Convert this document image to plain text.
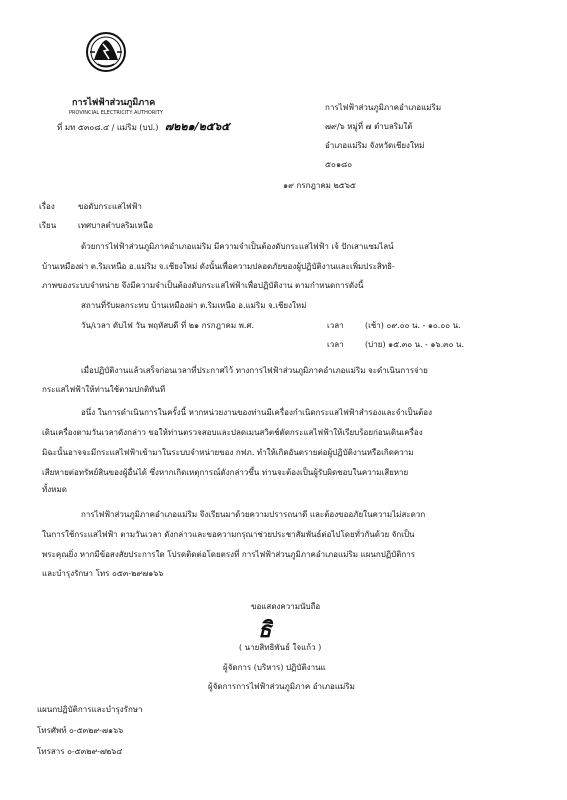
การไฟฟ้าส่วนภูมิภาค
PROVINCIAL ELECTRICITY AUTHORITY
ที่ มท ๕๓๐๘.๔ / แม่ริม (บป.) ๗๒๒๑/๒๕๖๕
การไฟฟ้าส่วนภูมิภาคอำเภอแม่ริม
๗๙/๖ หมู่ที่ ๗ ตำบลริมใต้
อำเภอแม่ริม จังหวัดเชียงใหม่
๕๐๑๘๐
๑๙ กรกฎาคม ๒๕๖๕
เรื่อง	ขอดับกระแสไฟฟ้า
เรียน	เทศบาลตำบลริมเหนือ
ด้วยการไฟฟ้าส่วนภูมิภาคอำเภอแม่ริม มีความจำเป็นต้องดับกระแสไฟฟ้า เจ้ ปักเสาแซมไลน์
บ้านเหมืองผ่า ต.ริมเหนือ อ.แม่ริม จ.เชียงใหม่ ดังนั้นเพื่อความปลอดภัยของผู้ปฏิบัติงานและเพิ่มประสิทธิ-
ภาพของระบบจำหน่าย จึงมีความจำเป็นต้องดับกระแสไฟฟ้าเพื่อปฏิบัติงาน ตามกำหนดการดังนี้
สถานที่รับผลกระทบ บ้านเหมืองผ่า ต.ริมเหนือ อ.แม่ริม จ.เชียงใหม่
วัน/เวลา ดับไฟ วัน พฤหัสบดี ที่ ๒๑ กรกฎาคม พ.ศ.	เวลา	(เช้า) ๐๙.๐๐ น. - ๑๐.๐๐ น.
เวลา	(บ่าย) ๑๕.๓๐ น. - ๑๖.๓๐ น.
เมื่อปฏิบัติงานแล้วเสร็จก่อนเวลาที่ประกาศไว้ ทางการไฟฟ้าส่วนภูมิภาคอำเภอแม่ริม จะดำเนินการจ่าย
กระแสไฟฟ้าให้ท่านใช้ตามปกติทันที
อนึ่ง ในการดำเนินการในครั้งนี้ หากหน่วยงานของท่านมีเครื่องกำเนิดกระแสไฟฟ้าสำรองและจำเป็นต้อง
เดินเครื่องตามวันเวลาดังกล่าว ขอให้ท่านตรวจสอบและปลดเมนสวิตช์ตัดกระแสไฟฟ้าให้เรียบร้อยก่อนเดินเครื่อง
มิฉะนั้นอาจจะมีกระแสไฟฟ้าเข้ามาในระบบจำหน่ายของ กฟภ. ทำให้เกิดอันตรายต่อผู้ปฏิบัติงานหรือเกิดความ
เสียหายต่อทรัพย์สินของผู้อื่นได้ ซึ่งหากเกิดเหตุการณ์ดังกล่าวขึ้น ท่านจะต้องเป็นผู้รับผิดชอบในความเสียหาย
ทั้งหมด
การไฟฟ้าส่วนภูมิภาคอำเภอแม่ริม จึงเรียนมาด้วยความปรารถนาดี และต้องขออภัยในความไม่สะดวก
ในการใช้กระแสไฟฟ้า ตามวันเวลา ดังกล่าวและขอความกรุณาช่วยประชาสัมพันธ์ต่อไปโดยทั่วกันด้วย จักเป็น
พระคุณยิ่ง หากมีข้อสงสัยประการใด โปรดติดต่อโดยตรงที่ การไฟฟ้าส่วนภูมิภาคอำเภอแม่ริม แผนกปฏิบัติการ
และบำรุงรักษา โทร ๐๕๓-๒๙๗๑๖๖
ขอแสดงความนับถือ
ธิ
( นายสิทธิพันธ์ ใจแก้ว )
ผู้จัดการ (บริหาร) ปฏิบัติงานแ
ผู้จัดการการไฟฟ้าส่วนภูมิภาค อำเภอแม่ริม
แผนกปฏิบัติการและบำรุงรักษา
โทรศัพท์ ๐-๕๓๒๙-๗๑๖๖
โทรสาร ๐-๕๓๒๙-๗๒๖๔
